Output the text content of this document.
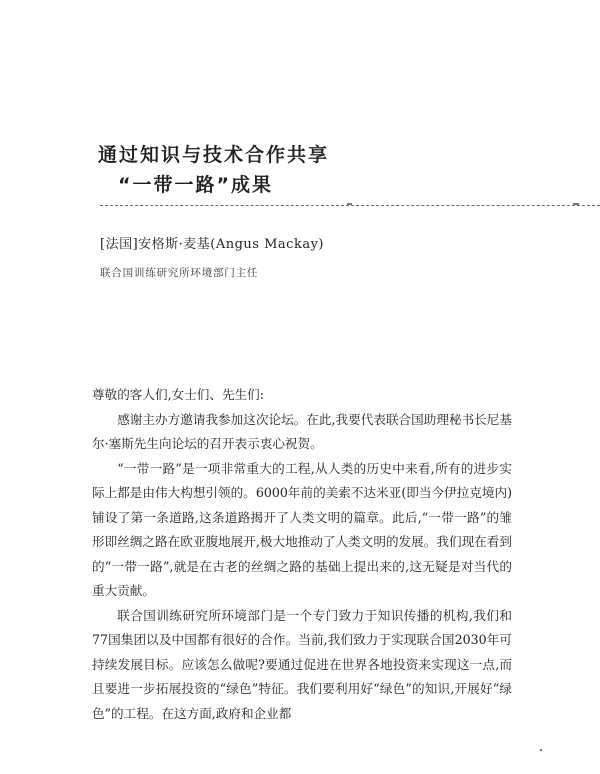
通过知识与技术合作共享
“一带一路”成果
[法国]安格斯·麦基(Angus Mackay)
联合国训练研究所环境部门主任

尊敬的客人们,女士们、先生们:

感谢主办方邀请我参加这次论坛。在此,我要代表联合国助理秘书长尼基尔·塞斯先生向论坛的召开表示衷心祝贺。

“一带一路”是一项非常重大的工程,从人类的历史中来看,所有的进步实际上都是由伟大构想引领的。6000年前的美索不达米亚(即当今伊拉克境内)铺设了第一条道路,这条道路揭开了人类文明的篇章。此后,“一带一路”的雏形即丝绸之路在欧亚腹地展开,极大地推动了人类文明的发展。我们现在看到的“一带一路”,就是在古老的丝绸之路的基础上提出来的,这无疑是对当代的重大贡献。

联合国训练研究所环境部门是一个专门致力于知识传播的机构,我们和77国集团以及中国都有很好的合作。当前,我们致力于实现联合国2030年可持续发展目标。应该怎么做呢?要通过促进在世界各地投资来实现这一点,而且要进一步拓展投资的“绿色”特征。我们要利用好“绿色”的知识,开展好“绿色”的工程。在这方面,政府和企业都
